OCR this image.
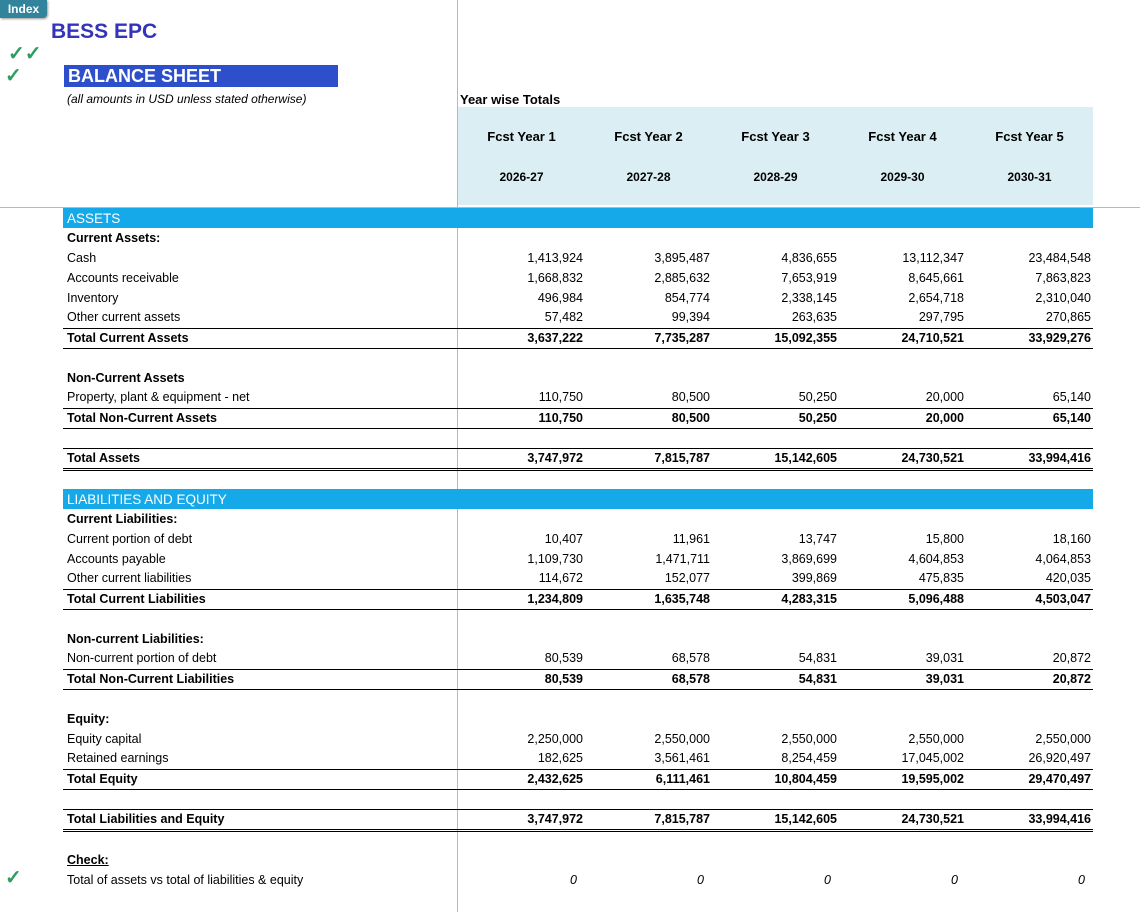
Index
BESS EPC
✓✓
✓
✓
BALANCE SHEET
(all amounts in USD unless stated otherwise)	Year wise Totals
Fcst Year 1	Fcst Year 2	Fcst Year 3	Fcst Year 4	Fcst Year 5
2026-27	2027-28	2028-29	2029-30	2030-31
ASSETS					
Current Assets:					
Cash	1,413,924	3,895,487	4,836,655	13,112,347	23,484,548
Accounts receivable	1,668,832	2,885,632	7,653,919	8,645,661	7,863,823
Inventory	496,984	854,774	2,338,145	2,654,718	2,310,040
Other current assets	57,482	99,394	263,635	297,795	270,865
Total Current Assets	3,637,222	7,735,287	15,092,355	24,710,521	33,929,276

Non-Current Assets					
Property, plant & equipment - net	110,750	80,500	50,250	20,000	65,140
Total Non-Current Assets	110,750	80,500	50,250	20,000	65,140

Total Assets	3,747,972	7,815,787	15,142,605	24,730,521	33,994,416

LIABILITIES AND EQUITY					
Current Liabilities:					
Current portion of debt	10,407	11,961	13,747	15,800	18,160
Accounts payable	1,109,730	1,471,711	3,869,699	4,604,853	4,064,853
Other current liabilities	114,672	152,077	399,869	475,835	420,035
Total Current Liabilities	1,234,809	1,635,748	4,283,315	5,096,488	4,503,047

Non-current Liabilities:					
Non-current portion of debt	80,539	68,578	54,831	39,031	20,872
Total Non-Current Liabilities	80,539	68,578	54,831	39,031	20,872

Equity:					
Equity capital	2,250,000	2,550,000	2,550,000	2,550,000	2,550,000
Retained earnings	182,625	3,561,461	8,254,459	17,045,002	26,920,497
Total Equity	2,432,625	6,111,461	10,804,459	19,595,002	29,470,497

Total Liabilities and Equity	3,747,972	7,815,787	15,142,605	24,730,521	33,994,416

Check:					
Total of assets vs total of liabilities & equity	0	0	0	0	0
